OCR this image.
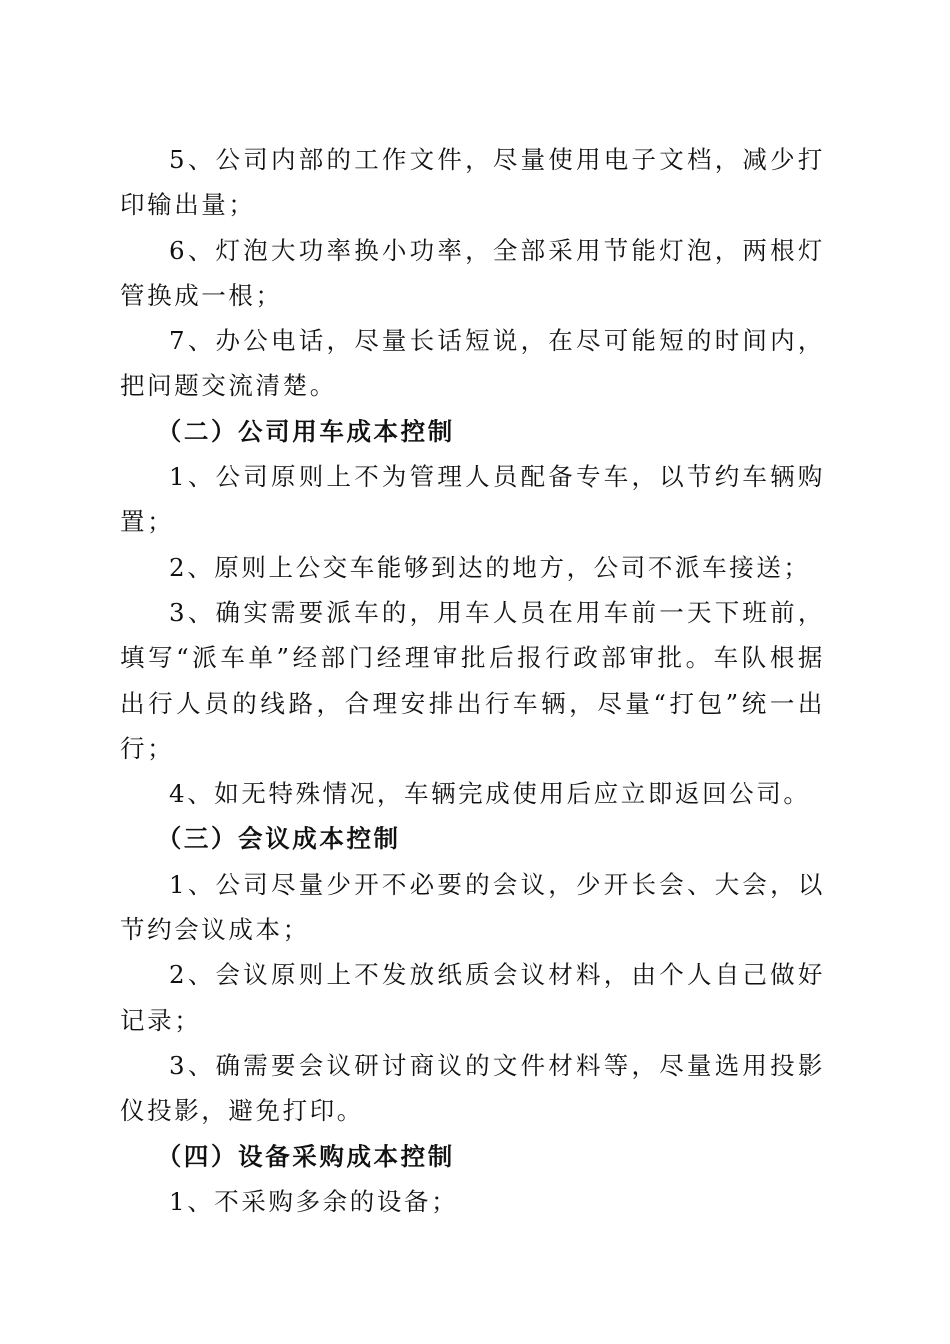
5、公司内部的工作文件，尽量使用电子文档，减少打印输出量；

6、灯泡大功率换小功率，全部采用节能灯泡，两根灯管换成一根；

7、办公电话，尽量长话短说，在尽可能短的时间内，把问题交流清楚。

（二）公司用车成本控制

1、公司原则上不为管理人员配备专车，以节约车辆购置；

2、原则上公交车能够到达的地方，公司不派车接送；

3、确实需要派车的，用车人员在用车前一天下班前，填写“派车单”经部门经理审批后报行政部审批。车队根据出行人员的线路，合理安排出行车辆，尽量“打包”统一出行；

4、如无特殊情况，车辆完成使用后应立即返回公司。

（三）会议成本控制

1、公司尽量少开不必要的会议，少开长会、大会，以节约会议成本；

2、会议原则上不发放纸质会议材料，由个人自己做好记录；

3、确需要会议研讨商议的文件材料等，尽量选用投影仪投影，避免打印。

（四）设备采购成本控制

1、不采购多余的设备；
